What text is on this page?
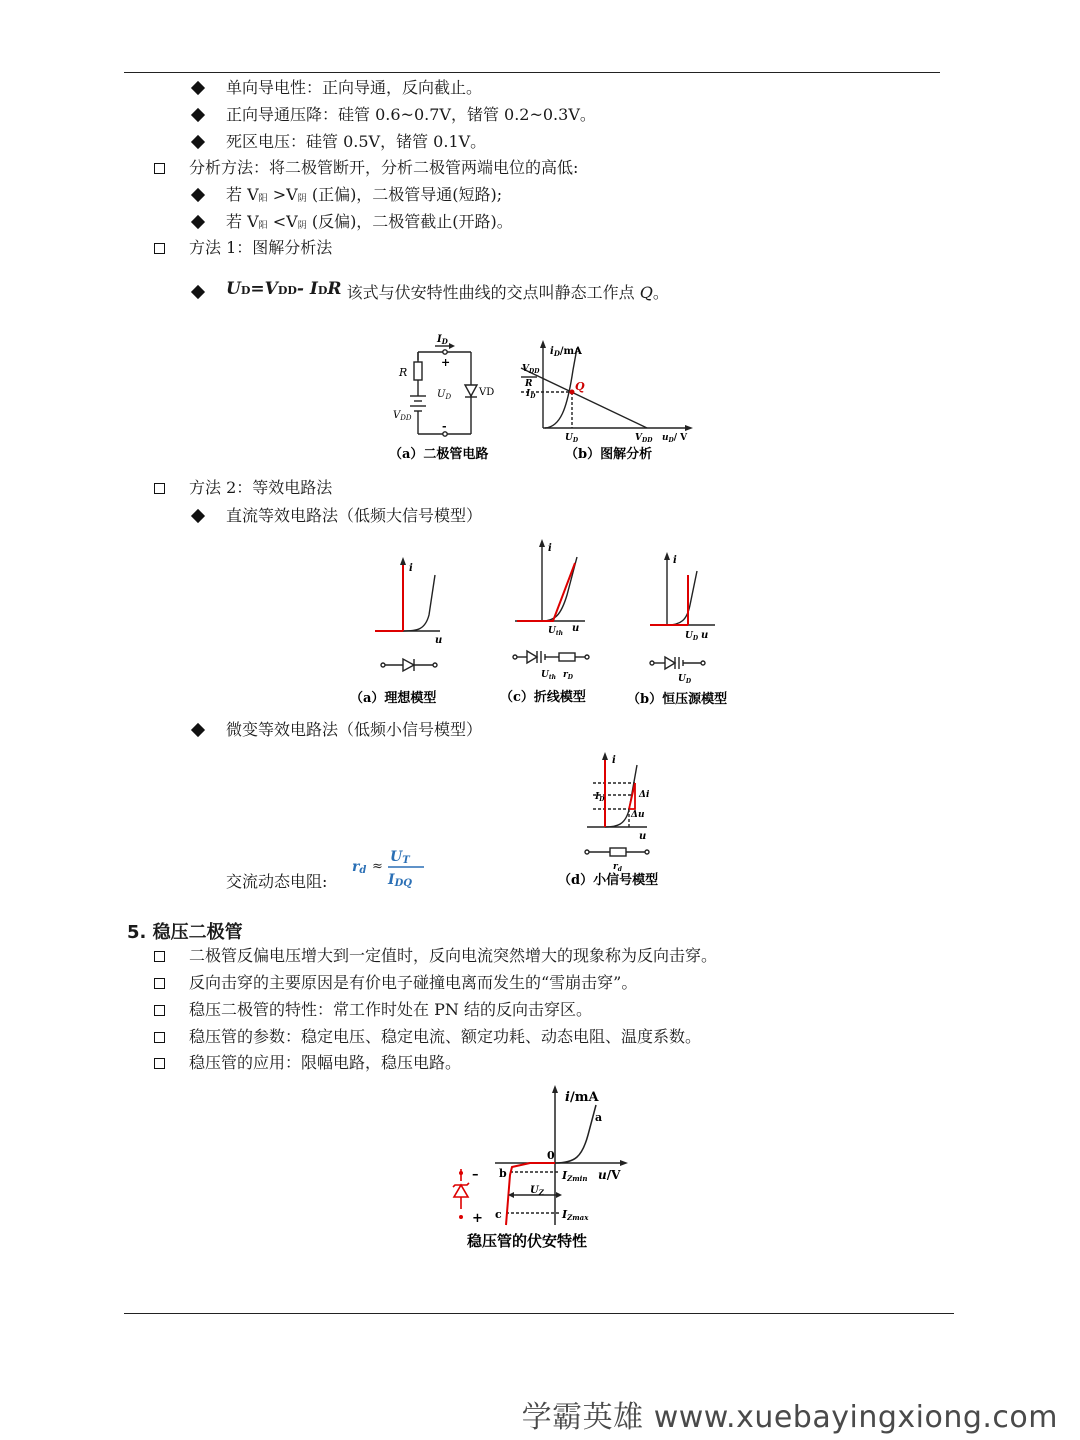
单向导电性：正向导通，反向截止。
正向导通压降：硅管 0.6~0.7V，锗管 0.2~0.3V。
死区电压：硅管 0.5V，锗管 0.1V。
分析方法：将二极管断开，分析二极管两端电位的高低:
若 V阳 >V阴 (正偏)，二极管导通(短路);
若 V阳 <V阴 (反偏)，二极管截止(开路)。
方法 1：图解分析法
UD=VDD- IDR 该式与伏安特性曲线的交点叫静态工作点 Q。
$I_D$
+
-
R
$U_D$	VD
$V_{DD}$
$i_D/mA$
$V_{DD}$
R
$I_D$
Q
$U_D$	$V_{DD}$ $u_D/$ V
（a）二极管电路	（b）图解分析
方法 2：等效电路法
直流等效电路法（低频大信号模型）
i
u
（a）理想模型
i
$U_{th}$ u
$U_{th}$ $r_D$
（c）折线模型
i
$U_D$ u
$U_D$
（b）恒压源模型
微变等效电路法（低频小信号模型）
交流动态电阻:
rd ≈
UT
IDQ
i
$I_D$	Δi
Δu
u
$r_d$
（d）小信号模型
5. 稳压二极管
二极管反偏电压增大到一定值时，反向电流突然增大的现象称为反向击穿。
反向击穿的主要原因是有价电子碰撞电离而发生的“雪崩击穿”。
稳压二极管的特性：常工作时处在 PN 结的反向击穿区。
稳压管的参数：稳定电压、稳定电流、额定功耗、动态电阻、温度系数。
稳压管的应用：限幅电路，稳压电路。
i/mA
a
0
b
c
IZmin u/V
$U_Z$
IZmax
–
+
稳压管的伏安特性
学霸英雄 www.xuebayingxiong.com
